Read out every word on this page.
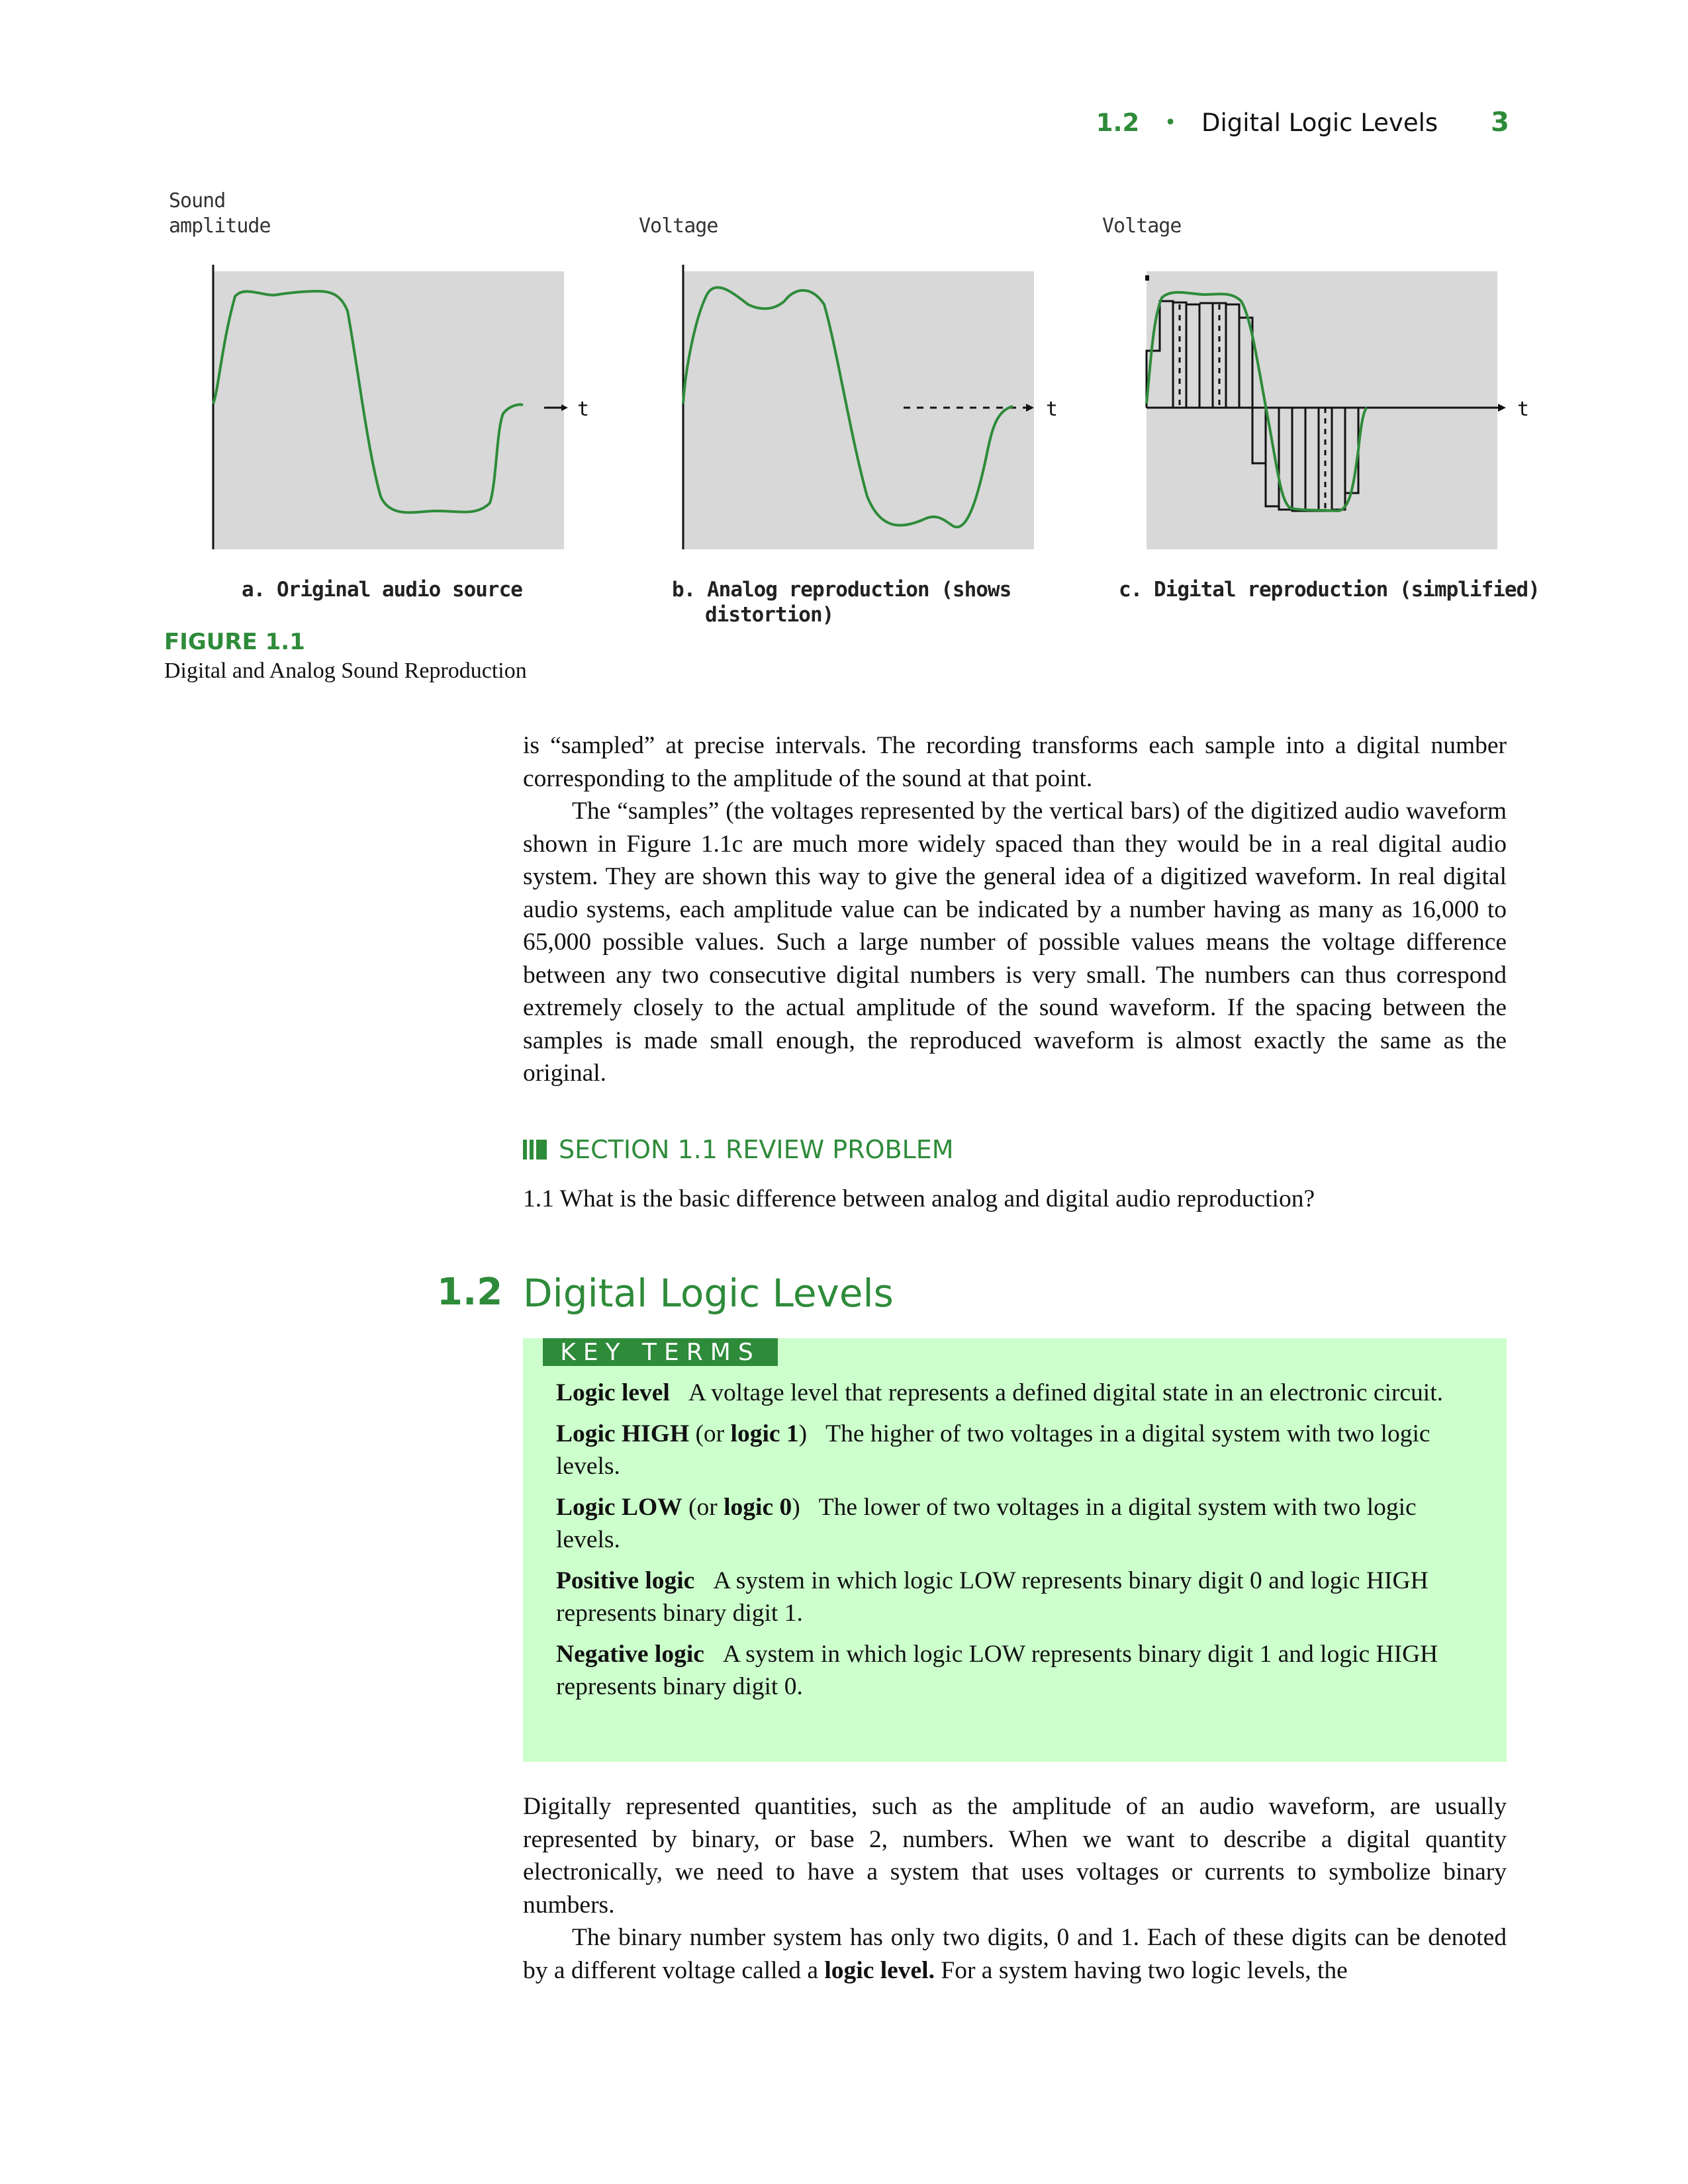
1.2 • Digital Logic Levels 3
Sound
amplitude	Voltage	Voltage
t
a. Original audio source
t
b. Analog reproduction (shows
distortion)
t
c. Digital reproduction (simplified)
FIGURE 1.1
Digital and Analog Sound Reproduction

is “sampled” at precise intervals. The recording transforms each sample into a digital number corresponding to the amplitude of the sound at that point.

The “samples” (the voltages represented by the vertical bars) of the digitized audio waveform shown in Figure 1.1c are much more widely spaced than they would be in a real digital audio system. They are shown this way to give the general idea of a digitized waveform. In real digital audio systems, each amplitude value can be indicated by a number having as many as 16,000 to 65,000 possible values. Such a large number of possible values means the voltage difference between any two consecutive digital numbers is very small. The numbers can thus correspond extremely closely to the actual amplitude of the sound waveform. If the spacing between the samples is made small enough, the reproduced waveform is almost exactly the same as the original.

SECTION 1.1 REVIEW PROBLEM
1.1 What is the basic difference between analog and digital audio reproduction?
1.2 Digital Logic Levels
KEY TERMS
Logic level A voltage level that represents a defined digital state in an electronic circuit.
Logic HIGH (or logic 1) The higher of two voltages in a digital system with two logic levels.
Logic LOW (or logic 0) The lower of two voltages in a digital system with two logic levels.
Positive logic A system in which logic LOW represents binary digit 0 and logic HIGH represents binary digit 1.
Negative logic A system in which logic LOW represents binary digit 1 and logic HIGH represents binary digit 0.

Digitally represented quantities, such as the amplitude of an audio waveform, are usually represented by binary, or base 2, numbers. When we want to describe a digital quantity electronically, we need to have a system that uses voltages or currents to symbolize binary numbers.

The binary number system has only two digits, 0 and 1. Each of these digits can be denoted by a different voltage called a logic level. For a system having two logic levels, the
